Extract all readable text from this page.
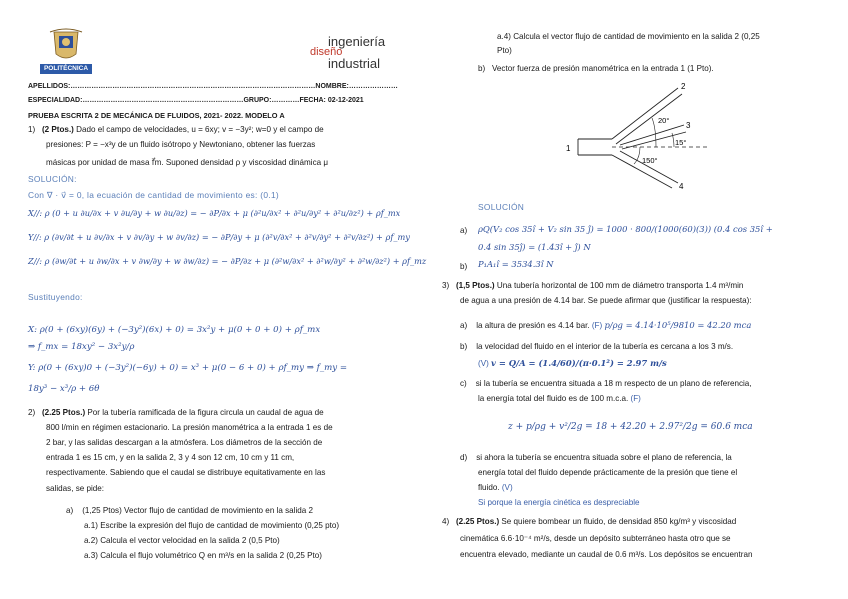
POLITÉCNICA
APELLIDOS:……………………………………………………………………………………………NOMBRE:…………………
ESPECIALIDAD:……………………………………………………………GRUPO:…………FECHA: 02-12-2021
PRUEBA ESCRITA 2 DE MECÁNICA DE FLUIDOS, 2021- 2022. MODELO A
1) (2 Ptos.) Dado el campo de velocidades, u = 6xy; v = −3y²; w=0 y el campo de
presiones: P = −x³y de un fluido isótropo y Newtoniano, obtener las fuerzas
másicas por unidad de masa f⃗m. Suponed densidad ρ y viscosidad dinámica μ
SOLUCIÓN:
Con ∇ · v⃗ = 0, la ecuación de cantidad de movimiento es: (0.1)
X//: ρ (0 + u ∂u/∂x + v ∂u/∂y + w ∂u/∂z) = − ∂P/∂x + μ (∂²u/∂x² + ∂²u/∂y² + ∂²u/∂z²) + ρf_mx
Y//: ρ (∂v/∂t + u ∂v/∂x + v ∂v/∂y + w ∂v/∂z) = − ∂P/∂y + μ (∂²v/∂x² + ∂²v/∂y² + ∂²v/∂z²) + ρf_my
Z//: ρ (∂w/∂t + u ∂w/∂x + v ∂w/∂y + w ∂w/∂z) = − ∂P/∂z + μ (∂²w/∂x² + ∂²w/∂y² + ∂²w/∂z²) + ρf_mz
Sustituyendo:
X: ρ(0 + (6xy)(6y) + (−3y²)(6x) + 0) = 3x²y + μ(0 + 0 + 0) + ρf_mx
⇒ f_mx = 18xy² − 3x²y/ρ
Y: ρ(0 + (6xy)0 + (−3y²)(−6y) + 0) = x³ + μ(0 − 6 + 0) + ρf_my ⇒ f_my =
18y³ − x³/ρ + 6θ
2) (2.25 Ptos.) Por la tubería ramificada de la figura circula un caudal de agua de
800 l/min en régimen estacionario. La presión manométrica a la entrada 1 es de
2 bar, y las salidas descargan a la atmósfera. Los diámetros de la sección de
entrada 1 es 15 cm, y en la salida 2, 3 y 4 son 12 cm, 10 cm y 11 cm,
respectivamente. Sabiendo que el caudal se distribuye equitativamente en las
salidas, se pide:
a) (1,25 Ptos) Vector flujo de cantidad de movimiento en la salida 2
a.1) Escribe la expresión del flujo de cantidad de movimiento (0,25 pto)
a.2) Calcula el vector velocidad en la salida 2 (0,5 Pto)
a.3) Calcula el flujo volumétrico Q en m³/s en la salida 2 (0,25 Pto)
ingeniería
diseño
industrial
a.4) Calcula el vector flujo de cantidad de movimiento en la salida 2 (0,25
Pto)
b) Vector fuerza de presión manométrica en la entrada 1 (1 Pto).
1
2
3
4
20°
15°
150°
SOLUCIÓN
a) ρQ(V₂ cos 35î + V₂ sin 35 ĵ) = 1000 · 800/(1000(60)(3)) (0.4 cos 35î +
0.4 sin 35ĵ) = (1.43î + ĵ) N
b) P₁A₁î = 3534.3î N
3) (1,5 Ptos.) Una tubería horizontal de 100 mm de diámetro transporta 1.4 m³/min
de agua a una presión de 4.14 bar. Se puede afirmar que (justificar la respuesta):
a) la altura de presión es 4.14 bar. (F) p/ρg = 4.14·10⁵/9810 = 42.20 mca
b) la velocidad del fluido en el interior de la tubería es cercana a los 3 m/s.
(V) v = Q/A = (1.4/60)/(π·0.1²) = 2.97 m/s
c) si la tubería se encuentra situada a 18 m respecto de un plano de referencia,
la energía total del fluido es de 100 m.c.a. (F)
z + p/ρg + v²/2g = 18 + 42.20 + 2.97²/2g = 60.6 mca
d) si ahora la tubería se encuentra situada sobre el plano de referencia, la
energía total del fluido depende prácticamente de la presión que tiene el
fluido. (V)
Si porque la energía cinética es despreciable
4) (2.25 Ptos.) Se quiere bombear un fluido, de densidad 850 kg/m³ y viscosidad
cinemática 6.6·10⁻⁴ m²/s, desde un depósito subterráneo hasta otro que se
encuentra elevado, mediante un caudal de 0.6 m³/s. Los depósitos se encuentran
